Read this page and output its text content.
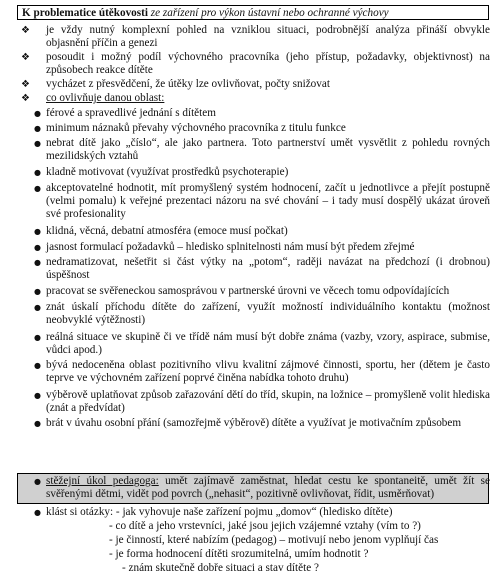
K problematice útěkovosti ze zařízení pro výkon ústavní nebo ochranné výchovy
❖ je vždy nutný komplexní pohled na vzniklou situaci, podrobnější analýza přináší obvykle objasnění příčin a genezi
❖ posoudit i možný podíl výchovného pracovníka (jeho přístup, požadavky, objektivnost) na způsobech reakce dítěte
❖ vycházet z přesvědčení, že útěky lze ovlivňovat, počty snižovat
❖ co ovlivňuje danou oblast:
● férové a spravedlivé jednání s dítětem
● minimum náznaků převahy výchovného pracovníka z titulu funkce
● nebrat dítě jako „číslo“, ale jako partnera. Toto partnerství umět vysvětlit z pohledu rovných mezilidských vztahů
● kladně motivovat (využívat prostředků psychoterapie)
● akceptovatelné hodnotit, mít promyšlený systém hodnocení, začít u jednotlivce a přejít postupně (velmi pomalu) k veřejné prezentaci názoru na své chování – i tady musí dospělý ukázat úroveň své profesionality
● klidná, věcná, debatní atmosféra (emoce musí počkat)
● jasnost formulací požadavků – hledisko splnitelnosti nám musí být předem zřejmé
● nedramatizovat, nešetřit si část výtky na „potom“, raději navázat na předchozí (i drobnou) úspěšnost
● pracovat se svěřeneckou samosprávou v partnerské úrovni ve věcech tomu odpovídajících
● znát úskalí příchodu dítěte do zařízení, využít možností individuálního kontaktu (možnost neobvyklé výtěžnosti)
● reálná situace ve skupině či ve třídě nám musí být dobře známa (vazby, vzory, aspirace, submise, vůdci apod.)
● bývá nedoceněna oblast pozitivního vlivu kvalitní zájmové činnosti, sportu, her (dětem je často teprve ve výchovném zařízení poprvé činěna nabídka tohoto druhu)
● výběrově uplatňovat způsob zařazování dětí do tříd, skupin, na ložnice – promyšleně volit hlediska (znát a předvídat)
● brát v úvahu osobní přání (samozřejmě výběrově) dítěte a využívat je motivačním způsobem
● stěžejní úkol pedagoga: umět zajímavě zaměstnat, hledat cestu ke spontaneitě, umět žít se svěřenými dětmi, vidět pod povrch („nehasit“, pozitivně ovlivňovat, řídit, usměrňovat)
● klást si otázky: - jak vyhovuje naše zařízení pojmu „domov“ (hledisko dítěte)
- co dítě a jeho vrstevníci, jaké jsou jejich vzájemné vztahy (vím to ?)
- je činností, které nabízím (pedagog) – motivují nebo jenom vyplňují čas
- je forma hodnocení dítěti srozumitelná, umím hodnotit ?
- znám skutečně dobře situaci a stav dítěte ?
